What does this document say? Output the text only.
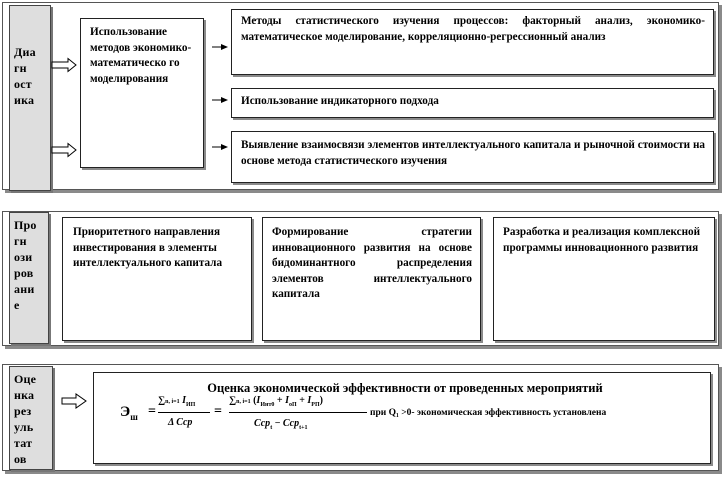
Диа
гн
ост
ика
Использование методов экономико-математическо го моделирования
Методы статистического изучения процессов: факторный анализ, экономико-математическое моделирование, корреляционно-регрессионный анализ
Использование индикаторного подхода
Выявление взаимосвязи элементов интеллектуального капитала и рыночной стоимости на основе метода статистического изучения
Про
гн
ози
ров
ани
е
Приоритетного направления инвестирования в элементы интеллектуального капитала
Формирование стратегии инновационного развития на основе бидоминантного распределения элементов интеллектуального капитала
Разработка и реализация комплексной программы инновационного развития
Оце
нка
рез
уль
тат
ов
Оценка экономической эффективности от проведенных мероприятий
$Э_ш$ =
∑n, i=1 $I_{ИП}$
Δ Сср
=
∑n, i=1 $(I_{Инт0} + I_{оП} + I_{РП})$
Сср$_t$ − Сср$_{t+1}$
при Q₁ >0- экономическая эффективность установлена
